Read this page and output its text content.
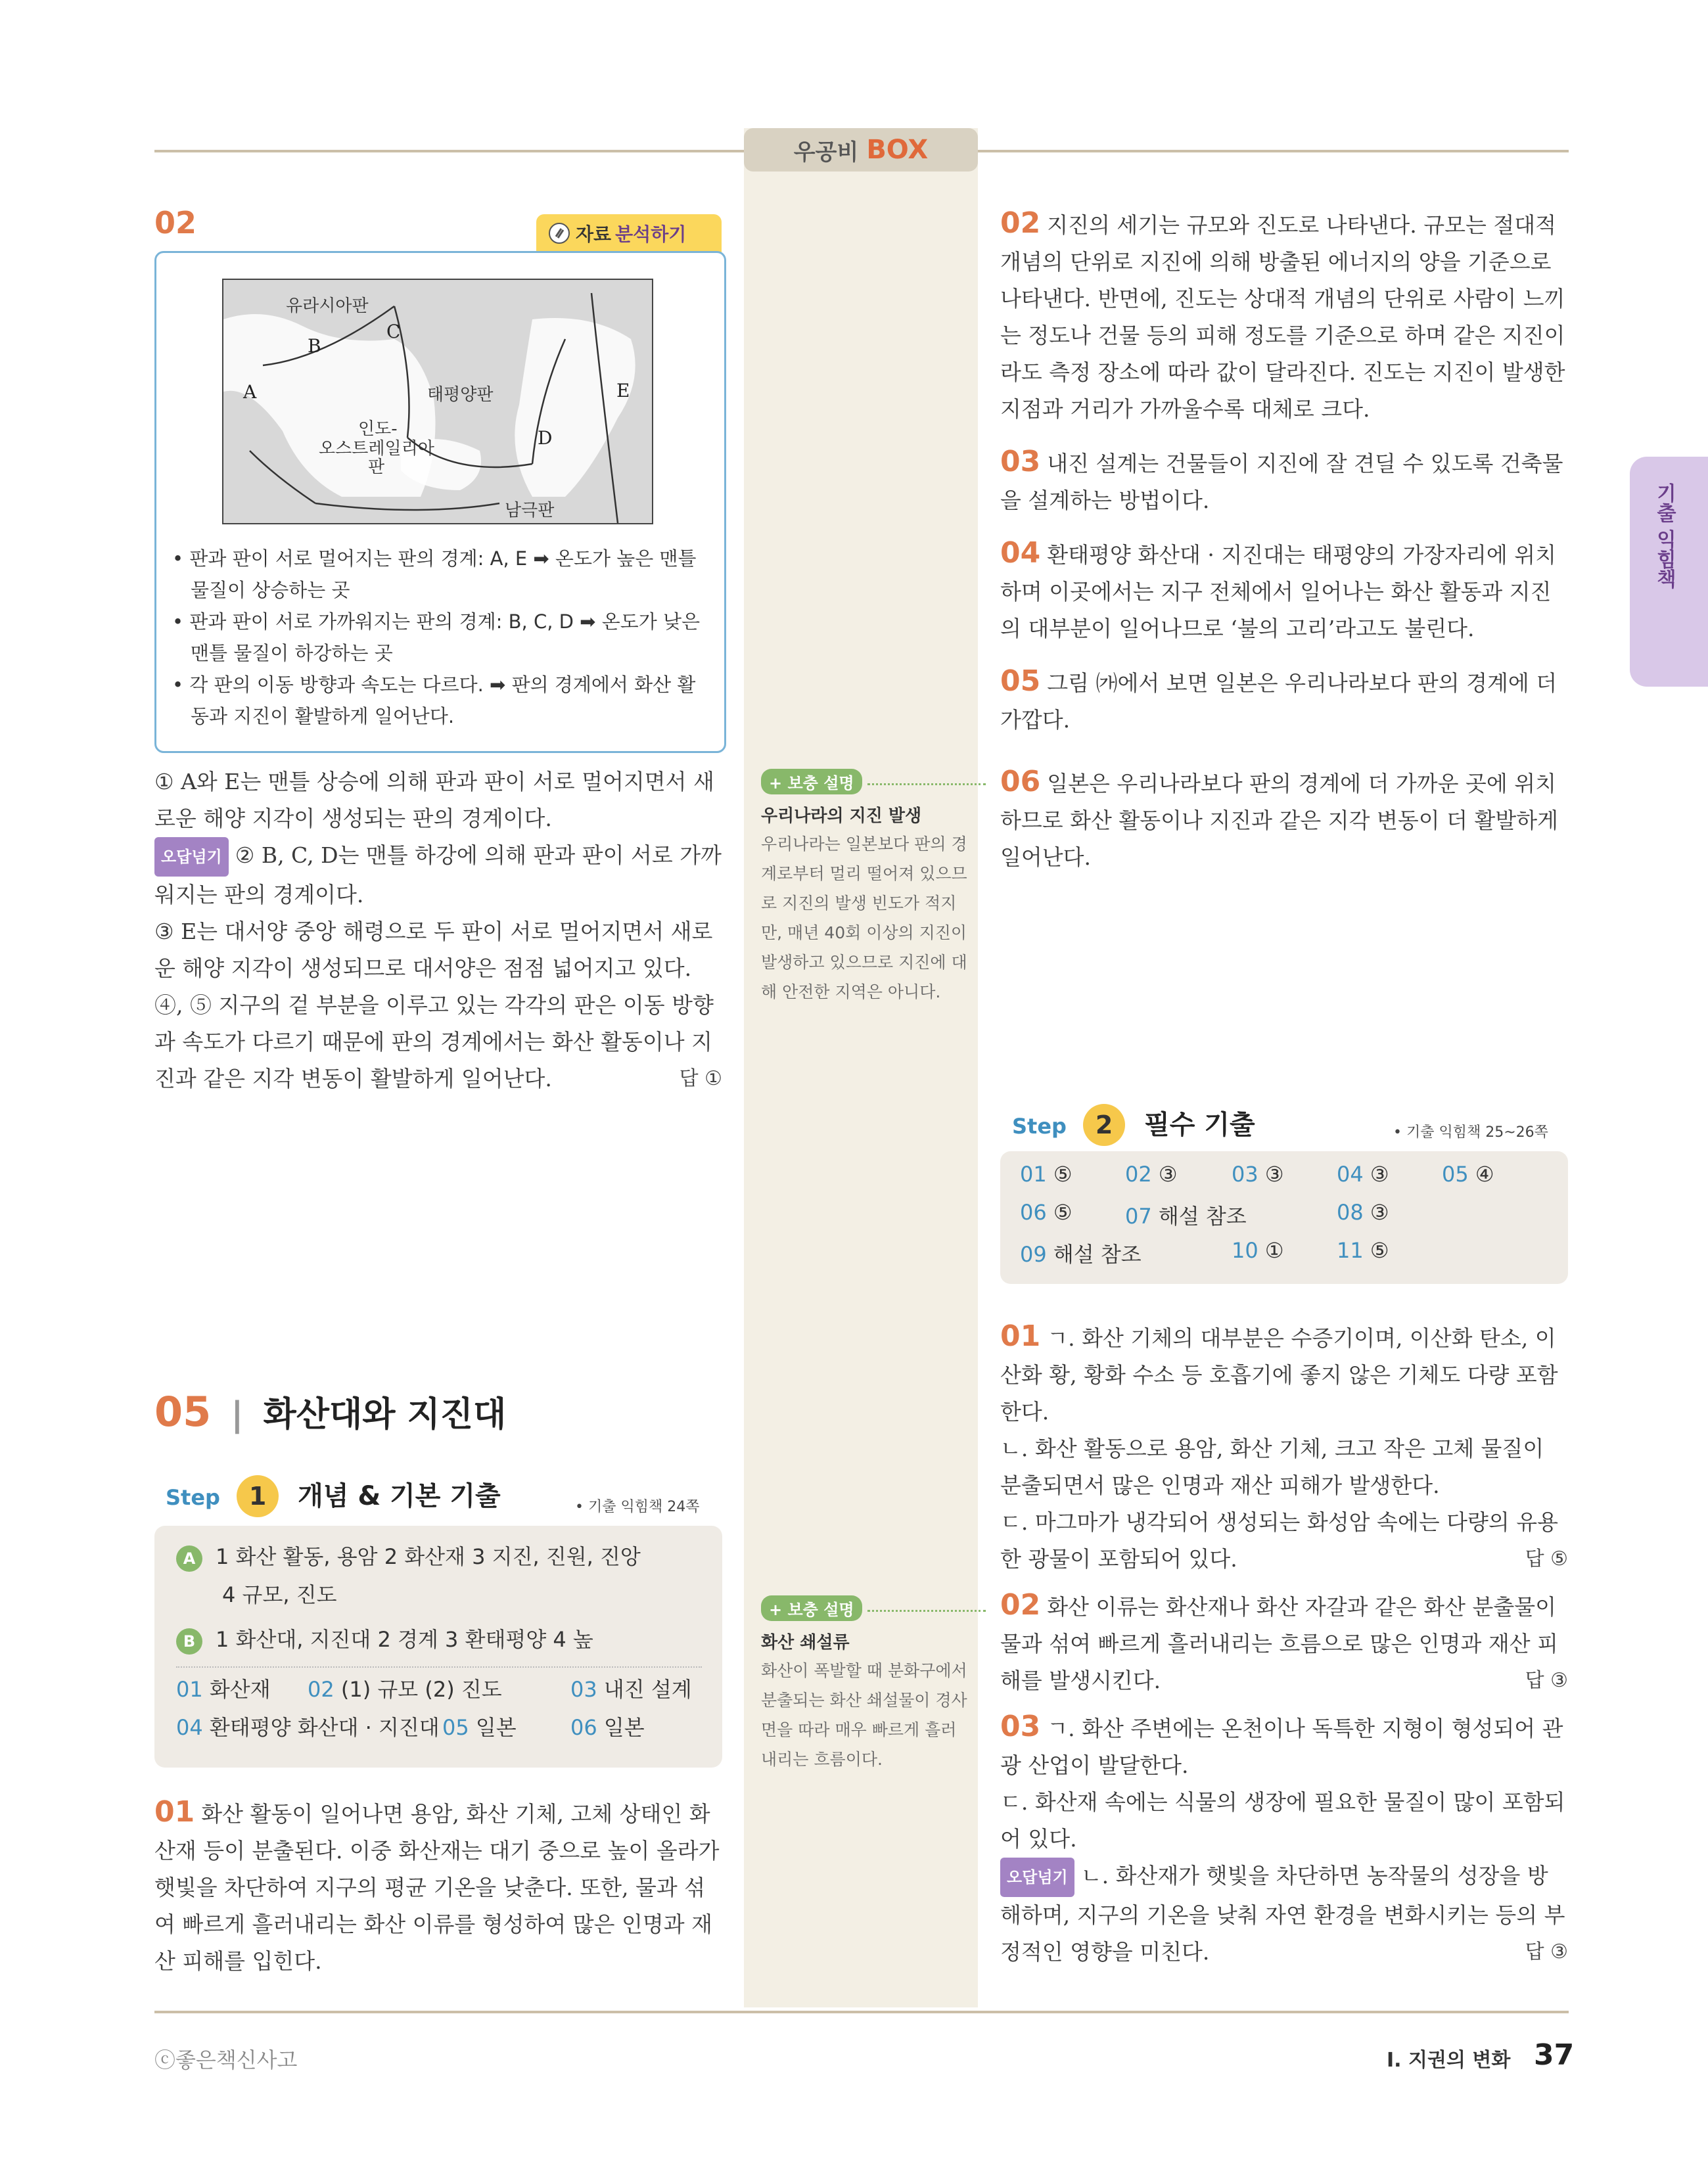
우공비 BOX
기출 익힘책
02	자료 분석하기
유라시아판
태평양판
인도-
오스트레일리아
판
남극판
A
B
C
D
E
• 판과 판이 서로 멀어지는 판의 경계: A, E ➡ 온도가 높은 맨틀 물질이 상승하는 곳
• 판과 판이 서로 가까워지는 판의 경계: B, C, D ➡ 온도가 낮은 맨틀 물질이 하강하는 곳
• 각 판의 이동 방향과 속도는 다르다. ➡ 판의 경계에서 화산 활동과 지진이 활발하게 일어난다.

① A와 E는 맨틀 상승에 의해 판과 판이 서로 멀어지면서 새로운 해양 지각이 생성되는 판의 경계이다.

오답넘기 ② B, C, D는 맨틀 하강에 의해 판과 판이 서로 가까워지는 판의 경계이다.

③ E는 대서양 중앙 해령으로 두 판이 서로 멀어지면서 새로운 해양 지각이 생성되므로 대서양은 점점 넓어지고 있다.

④, ⑤ 지구의 겉 부분을 이루고 있는 각각의 판은 이동 방향과 속도가 다르기 때문에 판의 경계에서는 화산 활동이나 지진과 같은 지각 변동이 활발하게 일어난다.	답 ①

05 | 화산대와 지진대
Step 1 개념 & 기본 기출	• 기출 익힘책 24쪽
A 1 화산 활동, 용암 2 화산재 3 지진, 진원, 진앙
4 규모, 진도
B 1 화산대, 지진대 2 경계 3 환태평양 4 높
01 화산재 02 (1) 규모 (2) 진도	03 내진 설계
04 환태평양 화산대 · 지진대 05 일본	06 일본

01 화산 활동이 일어나면 용암, 화산 기체, 고체 상태인 화산재 등이 분출된다. 이중 화산재는 대기 중으로 높이 올라가 햇빛을 차단하여 지구의 평균 기온을 낮춘다. 또한, 물과 섞여 빠르게 흘러내리는 화산 이류를 형성하여 많은 인명과 재산 피해를 입힌다.

+ 보충 설명
우리나라의 지진 발생
우리나라는 일본보다 판의 경계로부터 멀리 떨어져 있으므로 지진의 발생 빈도가 적지만, 매년 40회 이상의 지진이 발생하고 있으므로 지진에 대해 안전한 지역은 아니다.
+ 보충 설명
화산 쇄설류
화산이 폭발할 때 분화구에서 분출되는 화산 쇄설물이 경사면을 따라 매우 빠르게 흘러내리는 흐름이다.

02 지진의 세기는 규모와 진도로 나타낸다. 규모는 절대적 개념의 단위로 지진에 의해 방출된 에너지의 양을 기준으로 나타낸다. 반면에, 진도는 상대적 개념의 단위로 사람이 느끼는 정도나 건물 등의 피해 정도를 기준으로 하며 같은 지진이라도 측정 장소에 따라 값이 달라진다. 진도는 지진이 발생한 지점과 거리가 가까울수록 대체로 크다.

03 내진 설계는 건물들이 지진에 잘 견딜 수 있도록 건축물을 설계하는 방법이다.

04 환태평양 화산대 · 지진대는 태평양의 가장자리에 위치하며 이곳에서는 지구 전체에서 일어나는 화산 활동과 지진의 대부분이 일어나므로 ‘불의 고리’라고도 불린다.

05 그림 ㈎에서 보면 일본은 우리나라보다 판의 경계에 더 가깝다.

06 일본은 우리나라보다 판의 경계에 더 가까운 곳에 위치하므로 화산 활동이나 지진과 같은 지각 변동이 더 활발하게 일어난다.

Step 2 필수 기출	• 기출 익힘책 25~26쪽
01 ⑤	02 ③	03 ③	04 ③	05 ④
06 ⑤	07 해설 참조	08 ③
09 해설 참조	10 ①	11 ⑤

01 ㄱ. 화산 기체의 대부분은 수증기이며, 이산화 탄소, 이산화 황, 황화 수소 등 호흡기에 좋지 않은 기체도 다량 포함한다.

ㄴ. 화산 활동으로 용암, 화산 기체, 크고 작은 고체 물질이 분출되면서 많은 인명과 재산 피해가 발생한다.

ㄷ. 마그마가 냉각되어 생성되는 화성암 속에는 다량의 유용한 광물이 포함되어 있다.	답 ⑤

02 화산 이류는 화산재나 화산 자갈과 같은 화산 분출물이 물과 섞여 빠르게 흘러내리는 흐름으로 많은 인명과 재산 피해를 발생시킨다.	답 ③

03 ㄱ. 화산 주변에는 온천이나 독특한 지형이 형성되어 관광 산업이 발달한다.

ㄷ. 화산재 속에는 식물의 생장에 필요한 물질이 많이 포함되어 있다.

오답넘기 ㄴ. 화산재가 햇빛을 차단하면 농작물의 성장을 방해하며, 지구의 기온을 낮춰 자연 환경을 변화시키는 등의 부정적인 영향을 미친다.	답 ③

ⓒ좋은책신사고	Ⅰ. 지권의 변화 37
